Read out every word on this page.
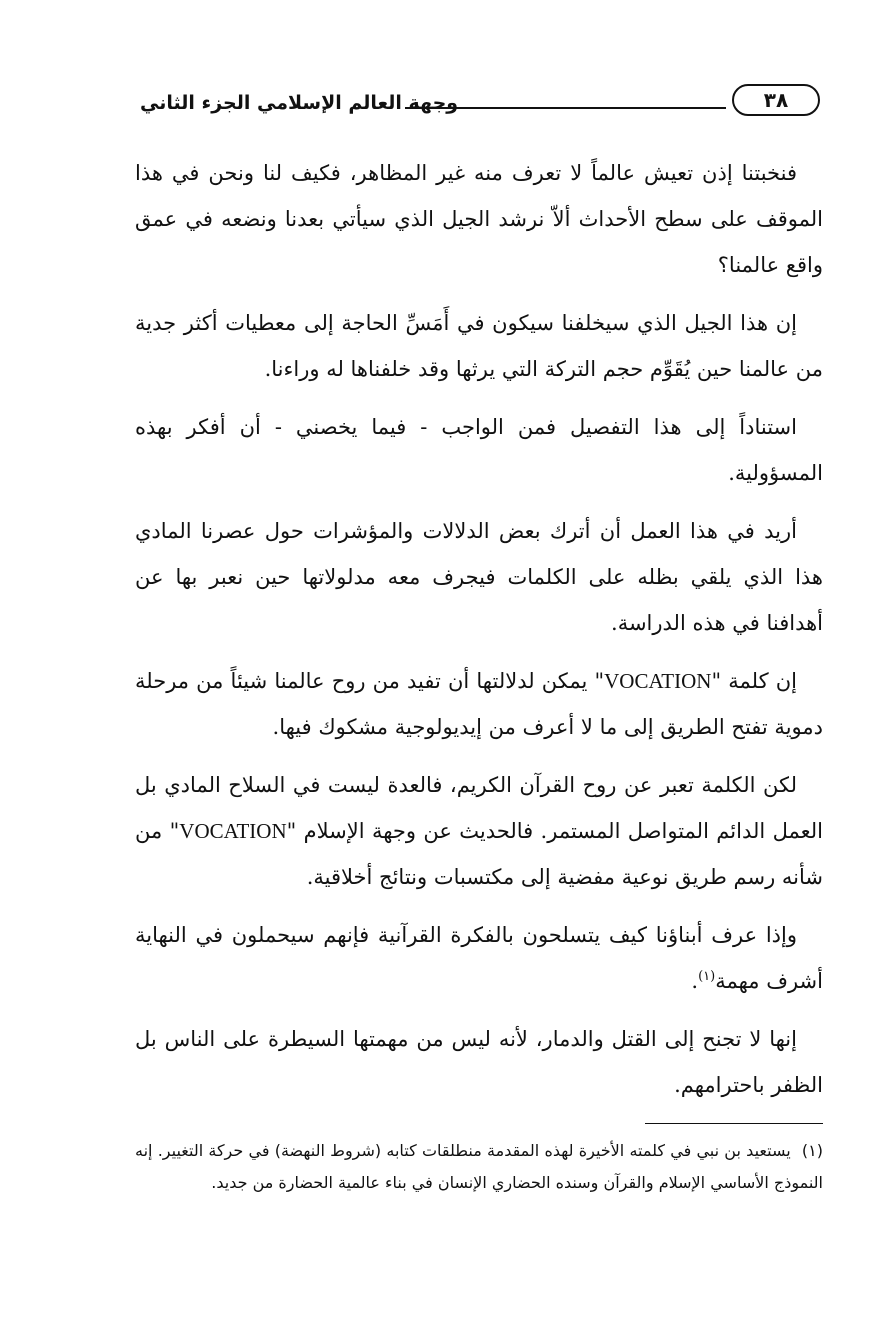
وجهة العالم الإسلامي الجزء الثاني	٣٨

فنخبتنا إذن تعيش عالماً لا تعرف منه غير المظاهر، فكيف لنا ونحن في هذا الموقف على سطح الأحداث ألاّ نرشد الجيل الذي سيأتي بعدنا ونضعه في عمق واقع عالمنا؟

إن هذا الجيل الذي سيخلفنا سيكون في أَمَسِّ الحاجة إلى معطيات أكثر جدية من عالمنا حين يُقَوِّم حجم التركة التي يرثها وقد خلفناها له وراءنا.

استناداً إلى هذا التفصيل فمن الواجب - فيما يخصني - أن أفكر بهذه المسؤولية.

أريد في هذا العمل أن أترك بعض الدلالات والمؤشرات حول عصرنا المادي هذا الذي يلقي بظله على الكلمات فيجرف معه مدلولاتها حين نعبر بها عن أهدافنا في هذه الدراسة.

إن كلمة "VOCATION" يمكن لدلالتها أن تفيد من روح عالمنا شيئاً من مرحلة دموية تفتح الطريق إلى ما لا أعرف من إيديولوجية مشكوك فيها.

لكن الكلمة تعبر عن روح القرآن الكريم، فالعدة ليست في السلاح المادي بل العمل الدائم المتواصل المستمر. فالحديث عن وجهة الإسلام "VOCATION" من شأنه رسم طريق نوعية مفضية إلى مكتسبات ونتائج أخلاقية.

وإذا عرف أبناؤنا كيف يتسلحون بالفكرة القرآنية فإنهم سيحملون في النهاية أشرف مهمة$^{(١)}$.

إنها لا تجنح إلى القتل والدمار، لأنه ليس من مهمتها السيطرة على الناس بل الظفر باحترامهم.

(١) يستعيد بن نبي في كلمته الأخيرة لهذه المقدمة منطلقات كتابه (شروط النهضة) في حركة التغيير. إنه النموذج الأساسي الإسلام والقرآن وسنده الحضاري الإنسان في بناء عالمية الحضارة من جديد.
